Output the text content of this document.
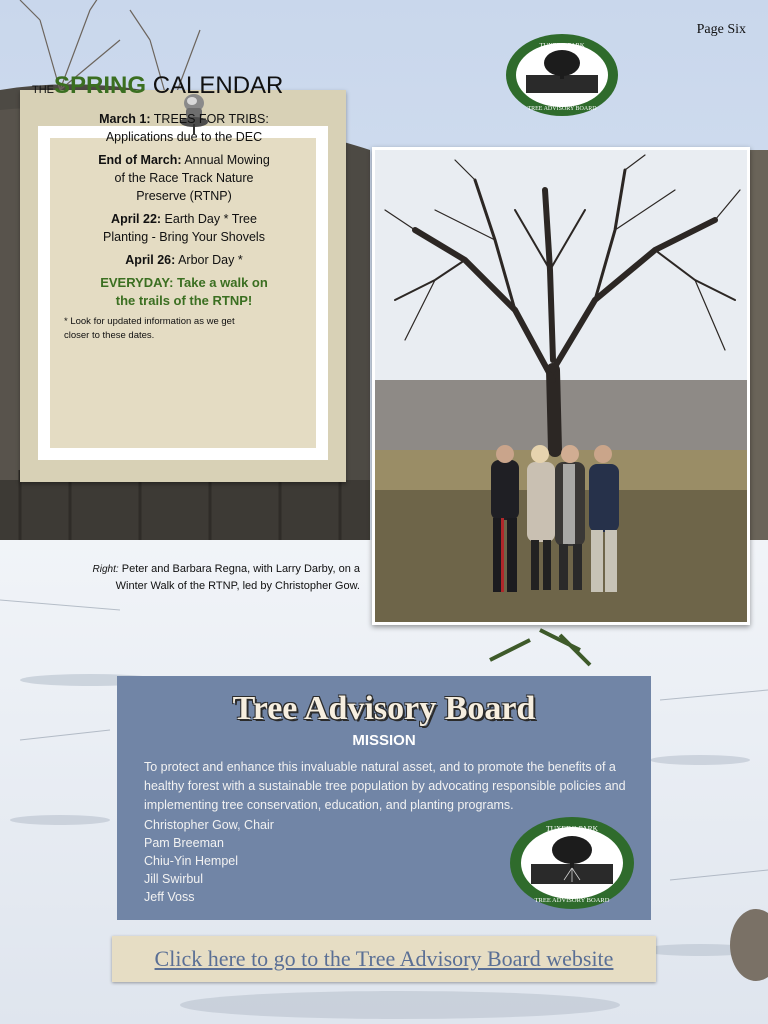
Page Six
TUXEDO PARK
TREE ADVISORY BOARD
THESPRING CALENDAR

March 1: TREES FOR TRIBS:
Applications due to the DEC

End of March: Annual Mowing
of the Race Track Nature
Preserve (RTNP)

April 22: Earth Day * Tree
Planting - Bring Your Shovels

April 26: Arbor Day *

EVERYDAY: Take a walk on
the trails of the RTNP!

* Look for updated information as we get
closer to these dates.

Right: Peter and Barbara Regna, with Larry Darby, on a
Winter Walk of the RTNP, led by Christopher Gow.
Tree Advisory Board
MISSION
To protect and enhance this invaluable natural asset, and to promote the benefits of a healthy forest with a sustainable tree population by advocating responsible policies and implementing tree conservation, education, and planting programs.
Christopher Gow, Chair
Pam Breeman
Chiu-Yin Hempel
Jill Swirbul
Jeff Voss
TUXEDO PARK
TREE ADVISORY BOARD
Click here to go to the Tree Advisory Board website
